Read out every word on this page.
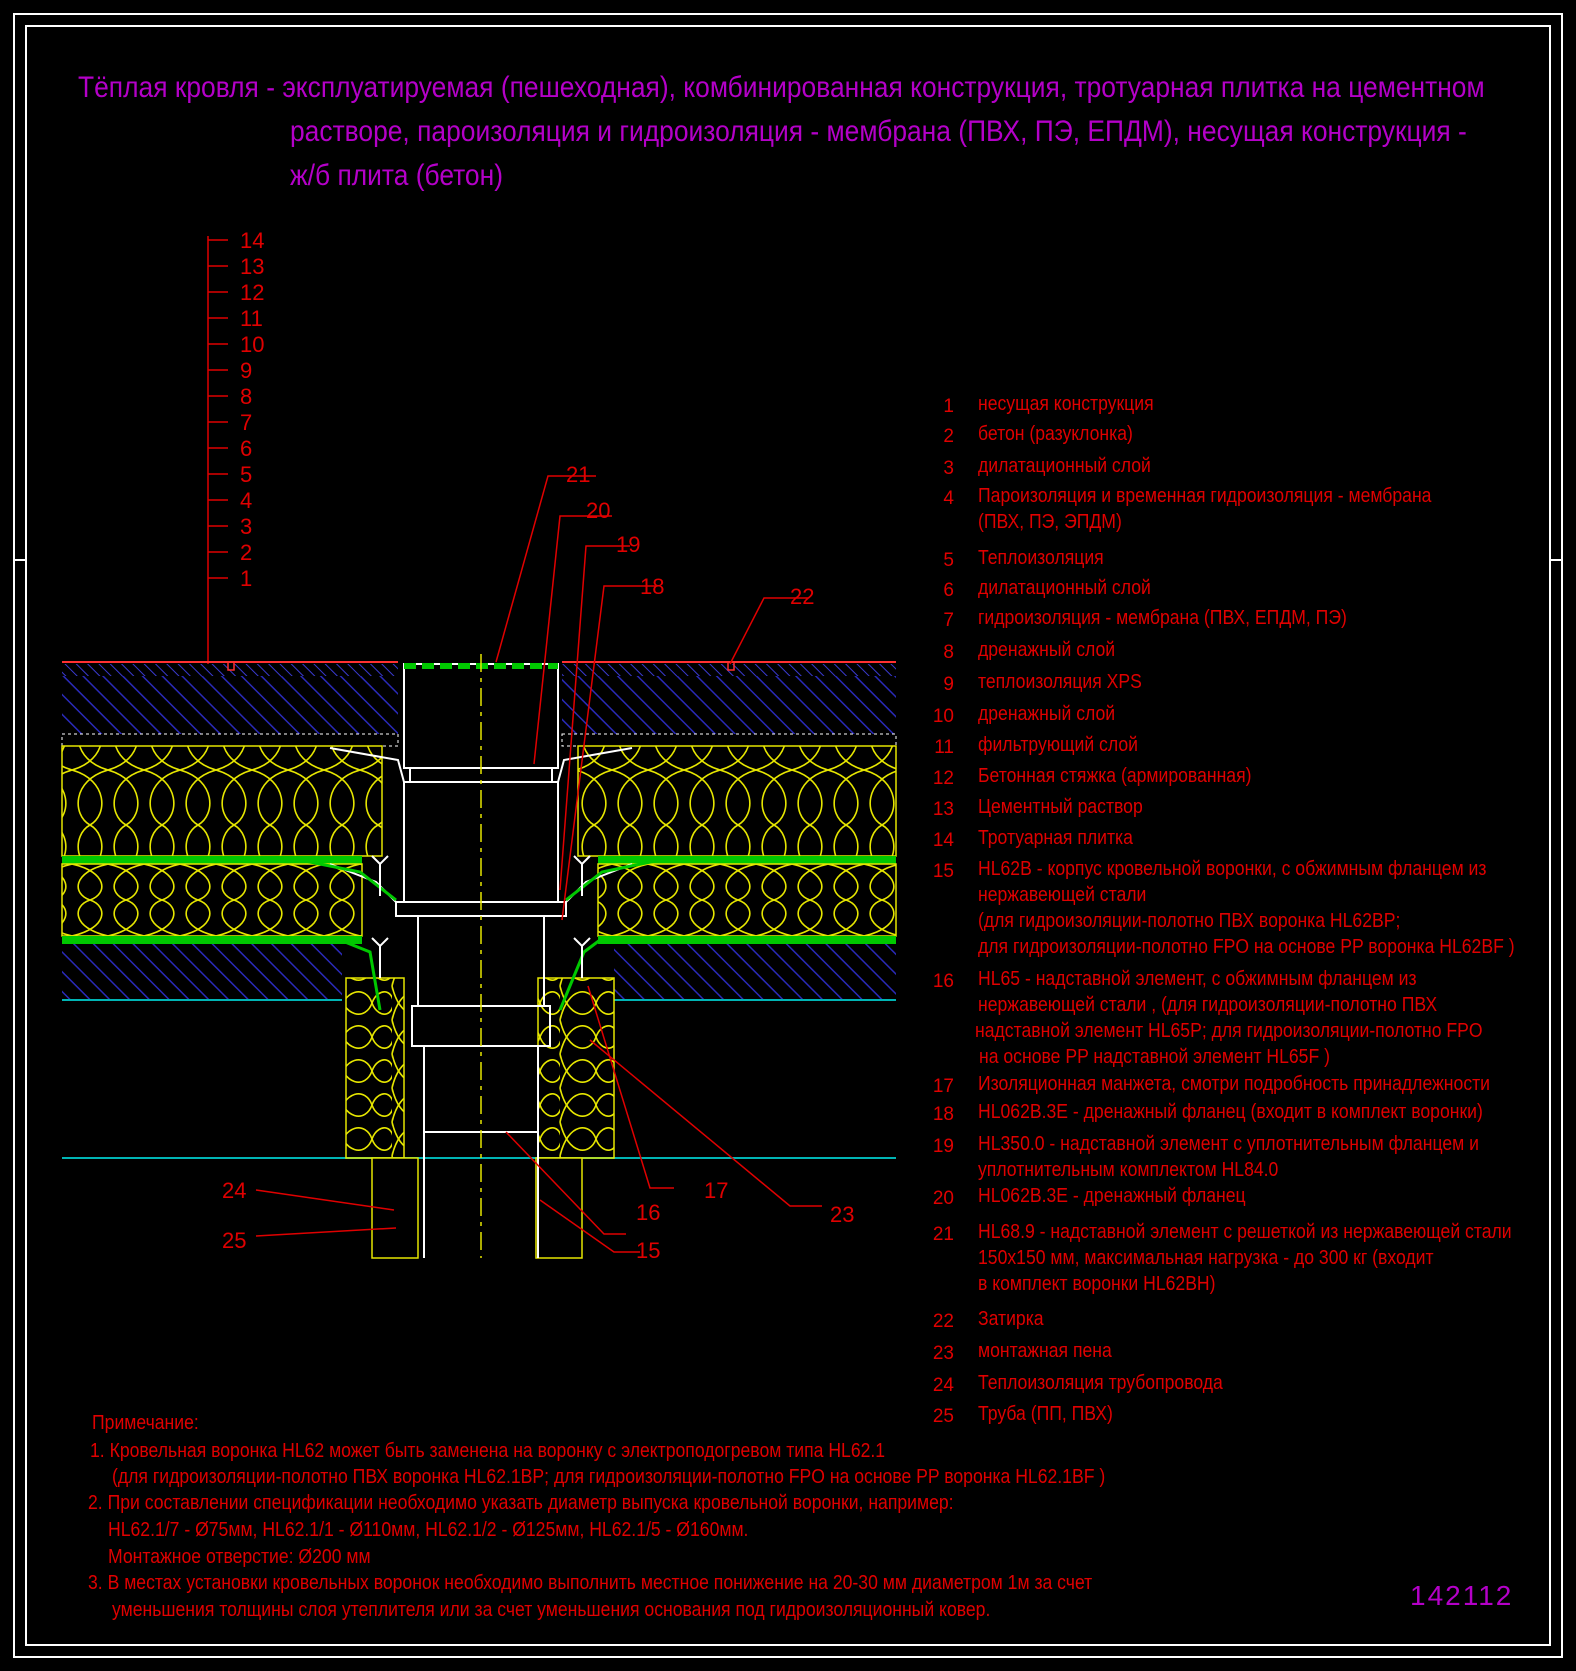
Тёплая кровля - эксплуатируемая (пешеходная), комбинированная конструкция, тротуарная плитка на цементном
растворе, пароизоляция и гидроизоляция - мембрана (ПВХ, ПЭ, ЕПДМ), несущая конструкция -
ж/б плита (бетон)
14
13
12
11
10
9
8
7
6
5
4
3
2
1
21
20
19
18	22
24
25
17
23
16
15
1 несущая конструкция
2 бетон (разуклонка)
3 дилатационный слой
4 Пароизоляция и временная гидроизоляция - мембрана
(ПВХ, ПЭ, ЭПДМ)
5 Теплоизоляция
6 дилатационный слой
7 гидроизоляция - мембрана (ПВХ, ЕПДМ, ПЭ)
8 дренажный слой
9 теплоизоляция XPS
10 дренажный слой
11 фильтрующий слой
12 Бетонная стяжка (армированная)
13 Цементный раствор
14 Тротуарная плитка
15 HL62B - корпус кровельной воронки, с обжимным фланцем из
нержавеющей стали
(для гидроизоляции-полотно ПВХ воронка HL62BP;
для гидроизоляции-полотно FPO на основе PP воронка HL62BF )
16 HL65 - надставной элемент, с обжимным фланцем из
нержавеющей стали , (для гидроизоляции-полотно ПВХ
надставной элемент HL65P; для гидроизоляции-полотно FPO
на основе PP надставной элемент HL65F )
17 Изоляционная манжета, смотри подробность принадлежности
18 HL062B.3E - дренажный фланец (входит в комплект воронки)
19 HL350.0 - надставной элемент с уплотнительным фланцем и
уплотнительным комплектом HL84.0
20 HL062B.3E - дренажный фланец
21 HL68.9 - надставной элемент с решеткой из нержавеющей стали
150x150 мм, максимальная нагрузка - до 300 кг (входит
в комплект воронки HL62BH)
22 Затирка
23 монтажная пена
24 Теплоизоляция трубопровода
25 Труба (ПП, ПВХ)
Примечание:
1. Кровельная воронка HL62 может быть заменена на воронку с электроподогревом типа HL62.1
(для гидроизоляции-полотно ПВХ воронка HL62.1BP; для гидроизоляции-полотно FPO на основе PP воронка HL62.1BF )
2. При составлении спецификации необходимо указать диаметр выпуска кровельной воронки, например:
HL62.1/7 - Ø75мм, HL62.1/1 - Ø110мм, HL62.1/2 - Ø125мм, HL62.1/5 - Ø160мм.
Монтажное отверстие: Ø200 мм
3. В местах установки кровельных воронок необходимо выполнить местное понижение на 20-30 мм диаметром 1м за счет
уменьшения толщины слоя утеплителя или за счет уменьшения основания под гидроизоляционный ковер.	142112
